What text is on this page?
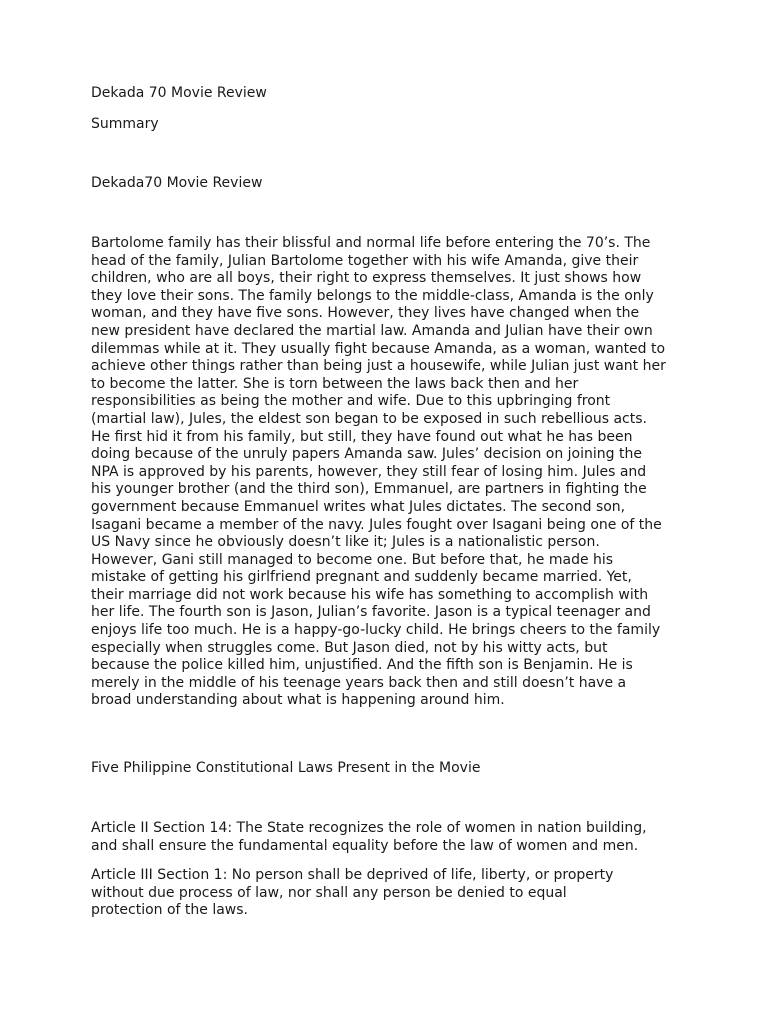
Dekada 70 Movie Review
Summary
Dekada70 Movie Review

Bartolome family has their blissful and normal life before entering the 70’s. The
head of the family, Julian Bartolome together with his wife Amanda, give their
children, who are all boys, their right to express themselves. It just shows how
they love their sons. The family belongs to the middle-class, Amanda is the only
woman, and they have five sons. However, they lives have changed when the
new president have declared the martial law. Amanda and Julian have their own
dilemmas while at it. They usually fight because Amanda, as a woman, wanted to
achieve other things rather than being just a housewife, while Julian just want her
to become the latter. She is torn between the laws back then and her
responsibilities as being the mother and wife. Due to this upbringing front
(martial law), Jules, the eldest son began to be exposed in such rebellious acts.
He first hid it from his family, but still, they have found out what he has been
doing because of the unruly papers Amanda saw. Jules’ decision on joining the
NPA is approved by his parents, however, they still fear of losing him. Jules and
his younger brother (and the third son), Emmanuel, are partners in fighting the
government because Emmanuel writes what Jules dictates. The second son,
Isagani became a member of the navy. Jules fought over Isagani being one of the
US Navy since he obviously doesn’t like it; Jules is a nationalistic person.
However, Gani still managed to become one. But before that, he made his
mistake of getting his girlfriend pregnant and suddenly became married. Yet,
their marriage did not work because his wife has something to accomplish with
her life. The fourth son is Jason, Julian’s favorite. Jason is a typical teenager and
enjoys life too much. He is a happy-go-lucky child. He brings cheers to the family
especially when struggles come. But Jason died, not by his witty acts, but
because the police killed him, unjustified. And the fifth son is Benjamin. He is
merely in the middle of his teenage years back then and still doesn’t have a
broad understanding about what is happening around him.

Five Philippine Constitutional Laws Present in the Movie

Article II Section 14: The State recognizes the role of women in nation building,
and shall ensure the fundamental equality before the law of women and men.

Article III Section 1: No person shall be deprived of life, liberty, or property
without due process of law, nor shall any person be denied to equal
protection of the laws.
